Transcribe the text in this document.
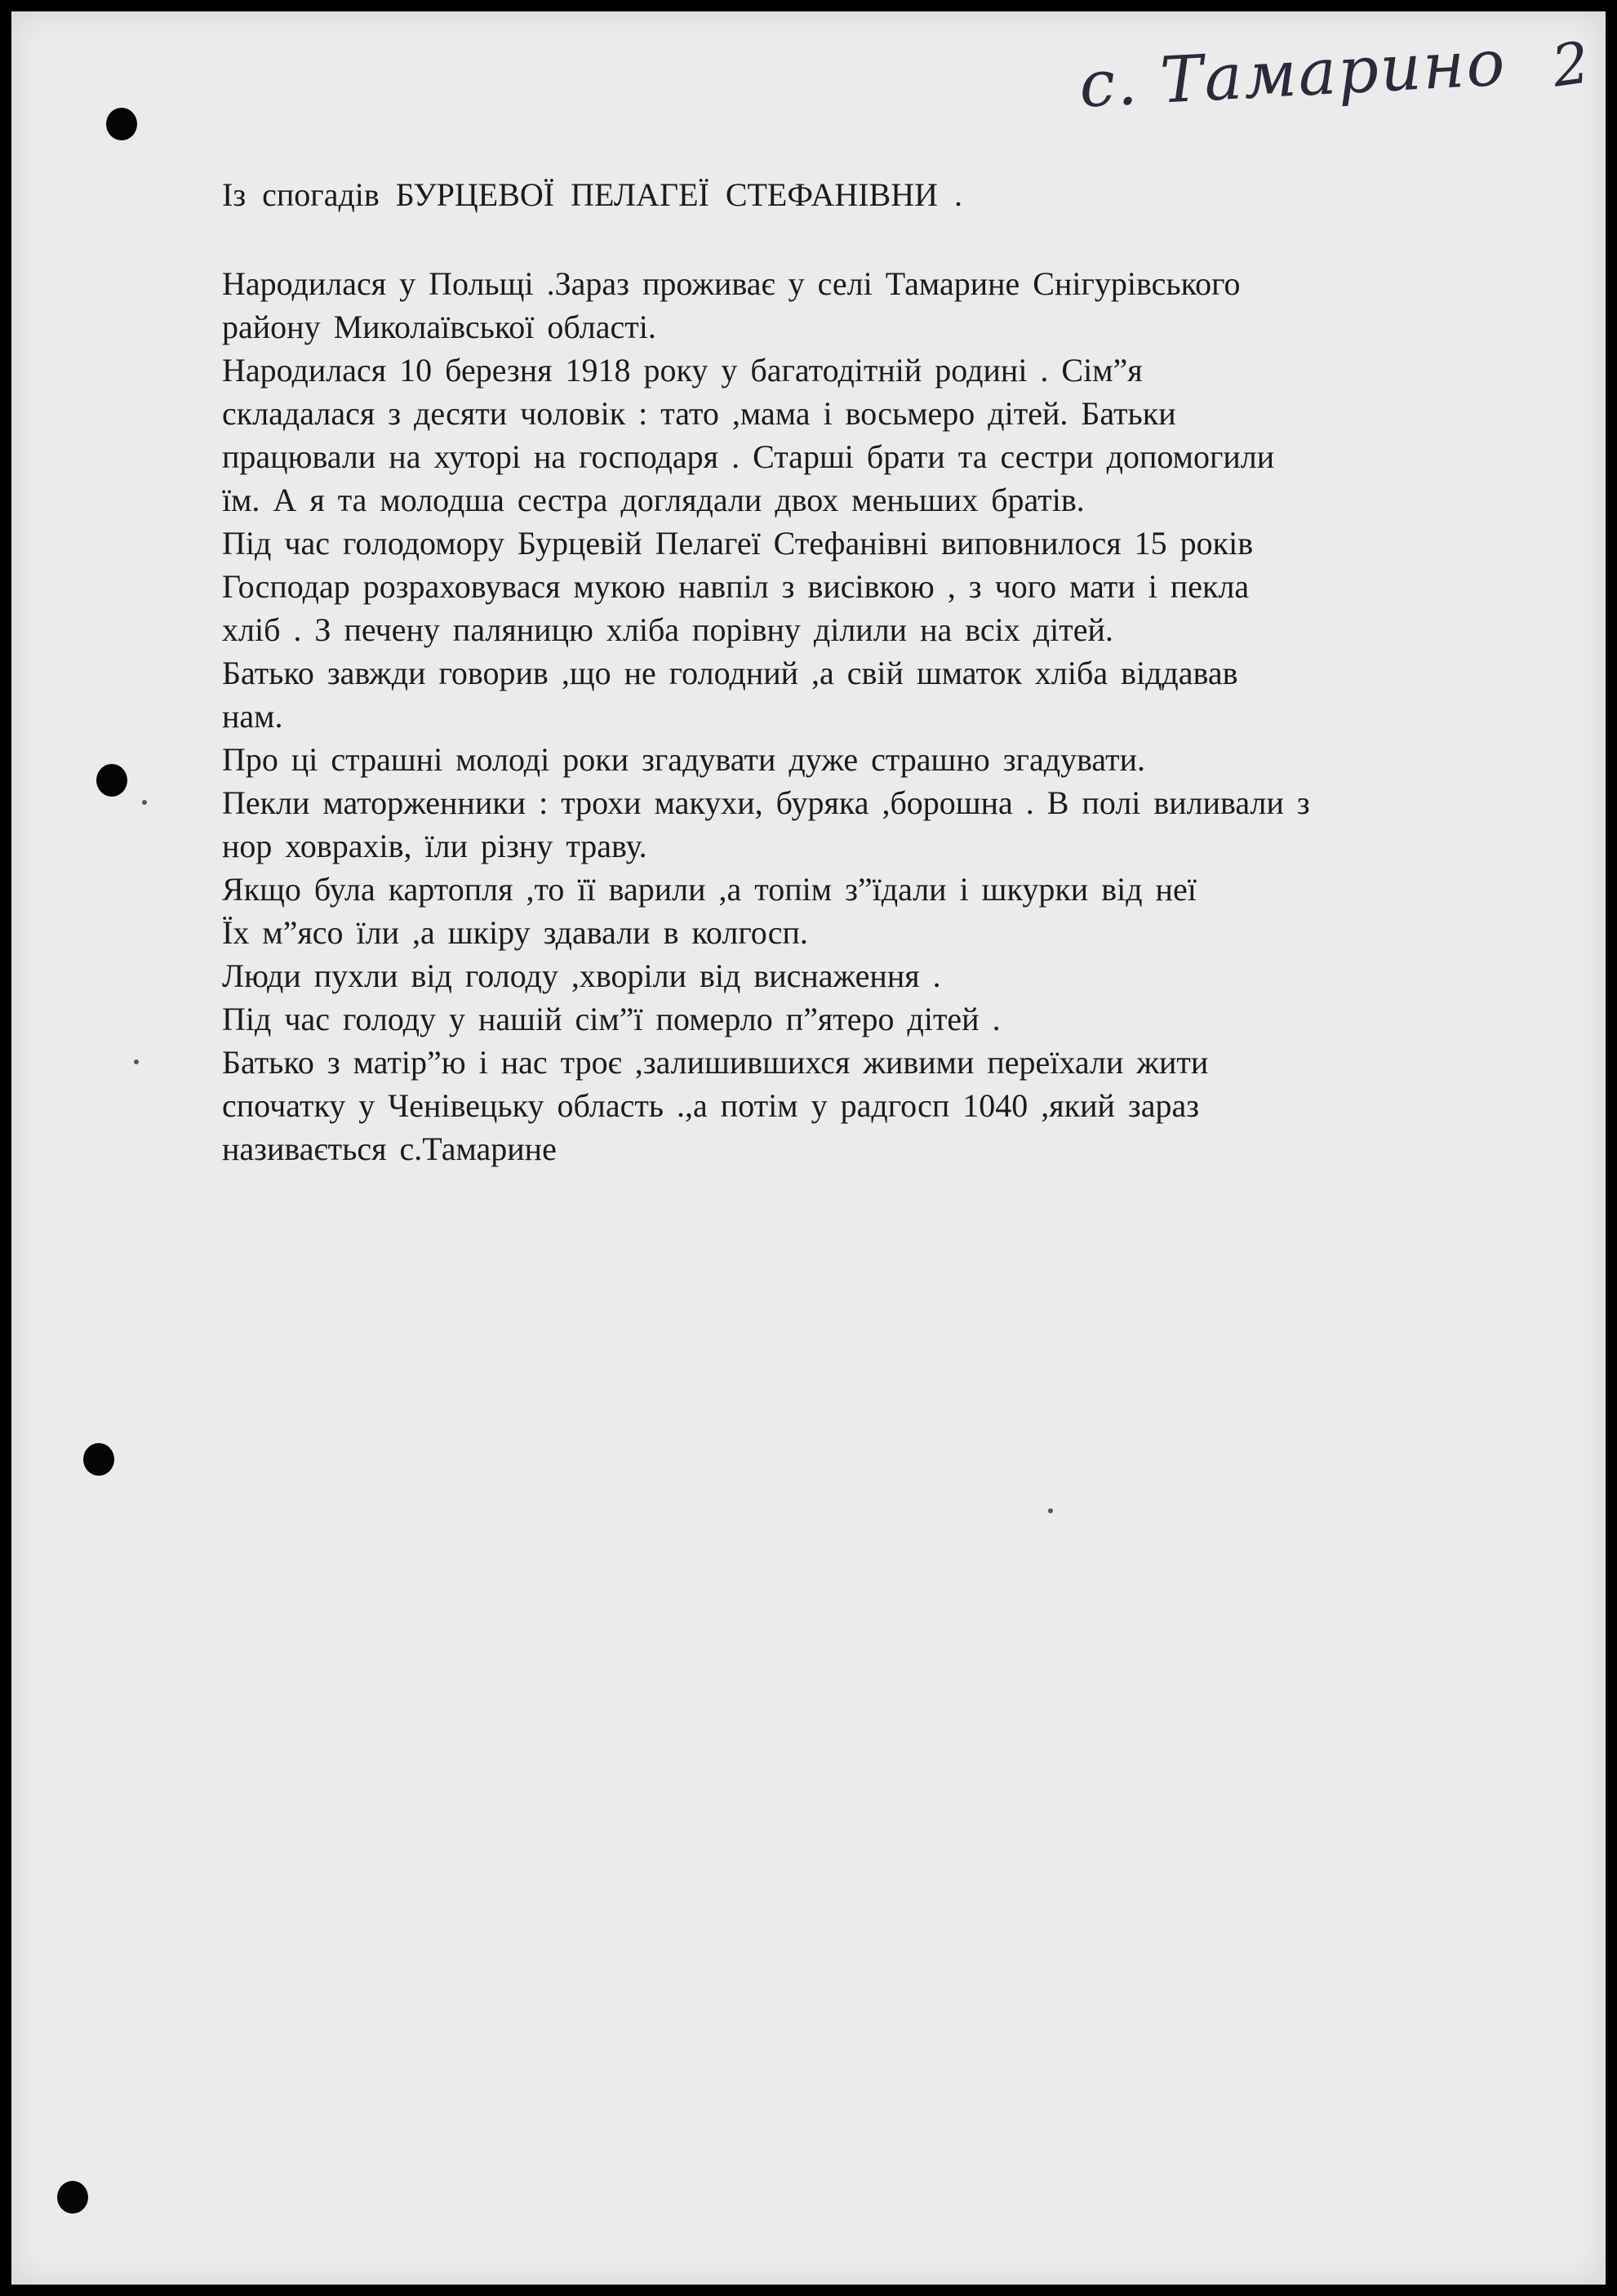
с. Тамарино 2
Із спогадів БУРЦЕВОЇ ПЕЛАГЕЇ СТЕФАНІВНИ .
Народилася у Польщі .Зараз проживає у селі Тамарине Снігурівського
району Миколаївської області.
Народилася 10 березня 1918 року у багатодітній родині . Сім”я
складалася з десяти чоловік : тато ,мама і восьмеро дітей. Батьки
працювали на хуторі на господаря . Старші брати та сестри допомогили
їм. А я та молодша сестра доглядали двох меньших братів.
Під час голодомору Бурцевій Пелагеї Стефанівні виповнилося 15 років
Господар розраховувася мукою навпіл з висівкою , з чого мати і пекла
хліб . З печену паляницю хліба порівну ділили на всіх дітей.
Батько завжди говорив ,що не голодний ,а свій шматок хліба віддавав
нам.
Про ці страшні молоді роки згадувати дуже страшно згадувати.
Пекли маторженники : трохи макухи, буряка ,борошна . В полі виливали з
нор ховрахів, їли різну траву.
Якщо була картопля ,то її варили ,а топім з”їдали і шкурки від неї
Їх м”ясо їли ,а шкіру здавали в колгосп.
Люди пухли від голоду ,хворіли від виснаження .
Під час голоду у нашій сім”ї померло п”ятеро дітей .
Батько з матір”ю і нас троє ,залишившихся живими переїхали жити
спочатку у Ченівецьку область .,а потім у радгосп 1040 ,який зараз
називається с.Тамарине
